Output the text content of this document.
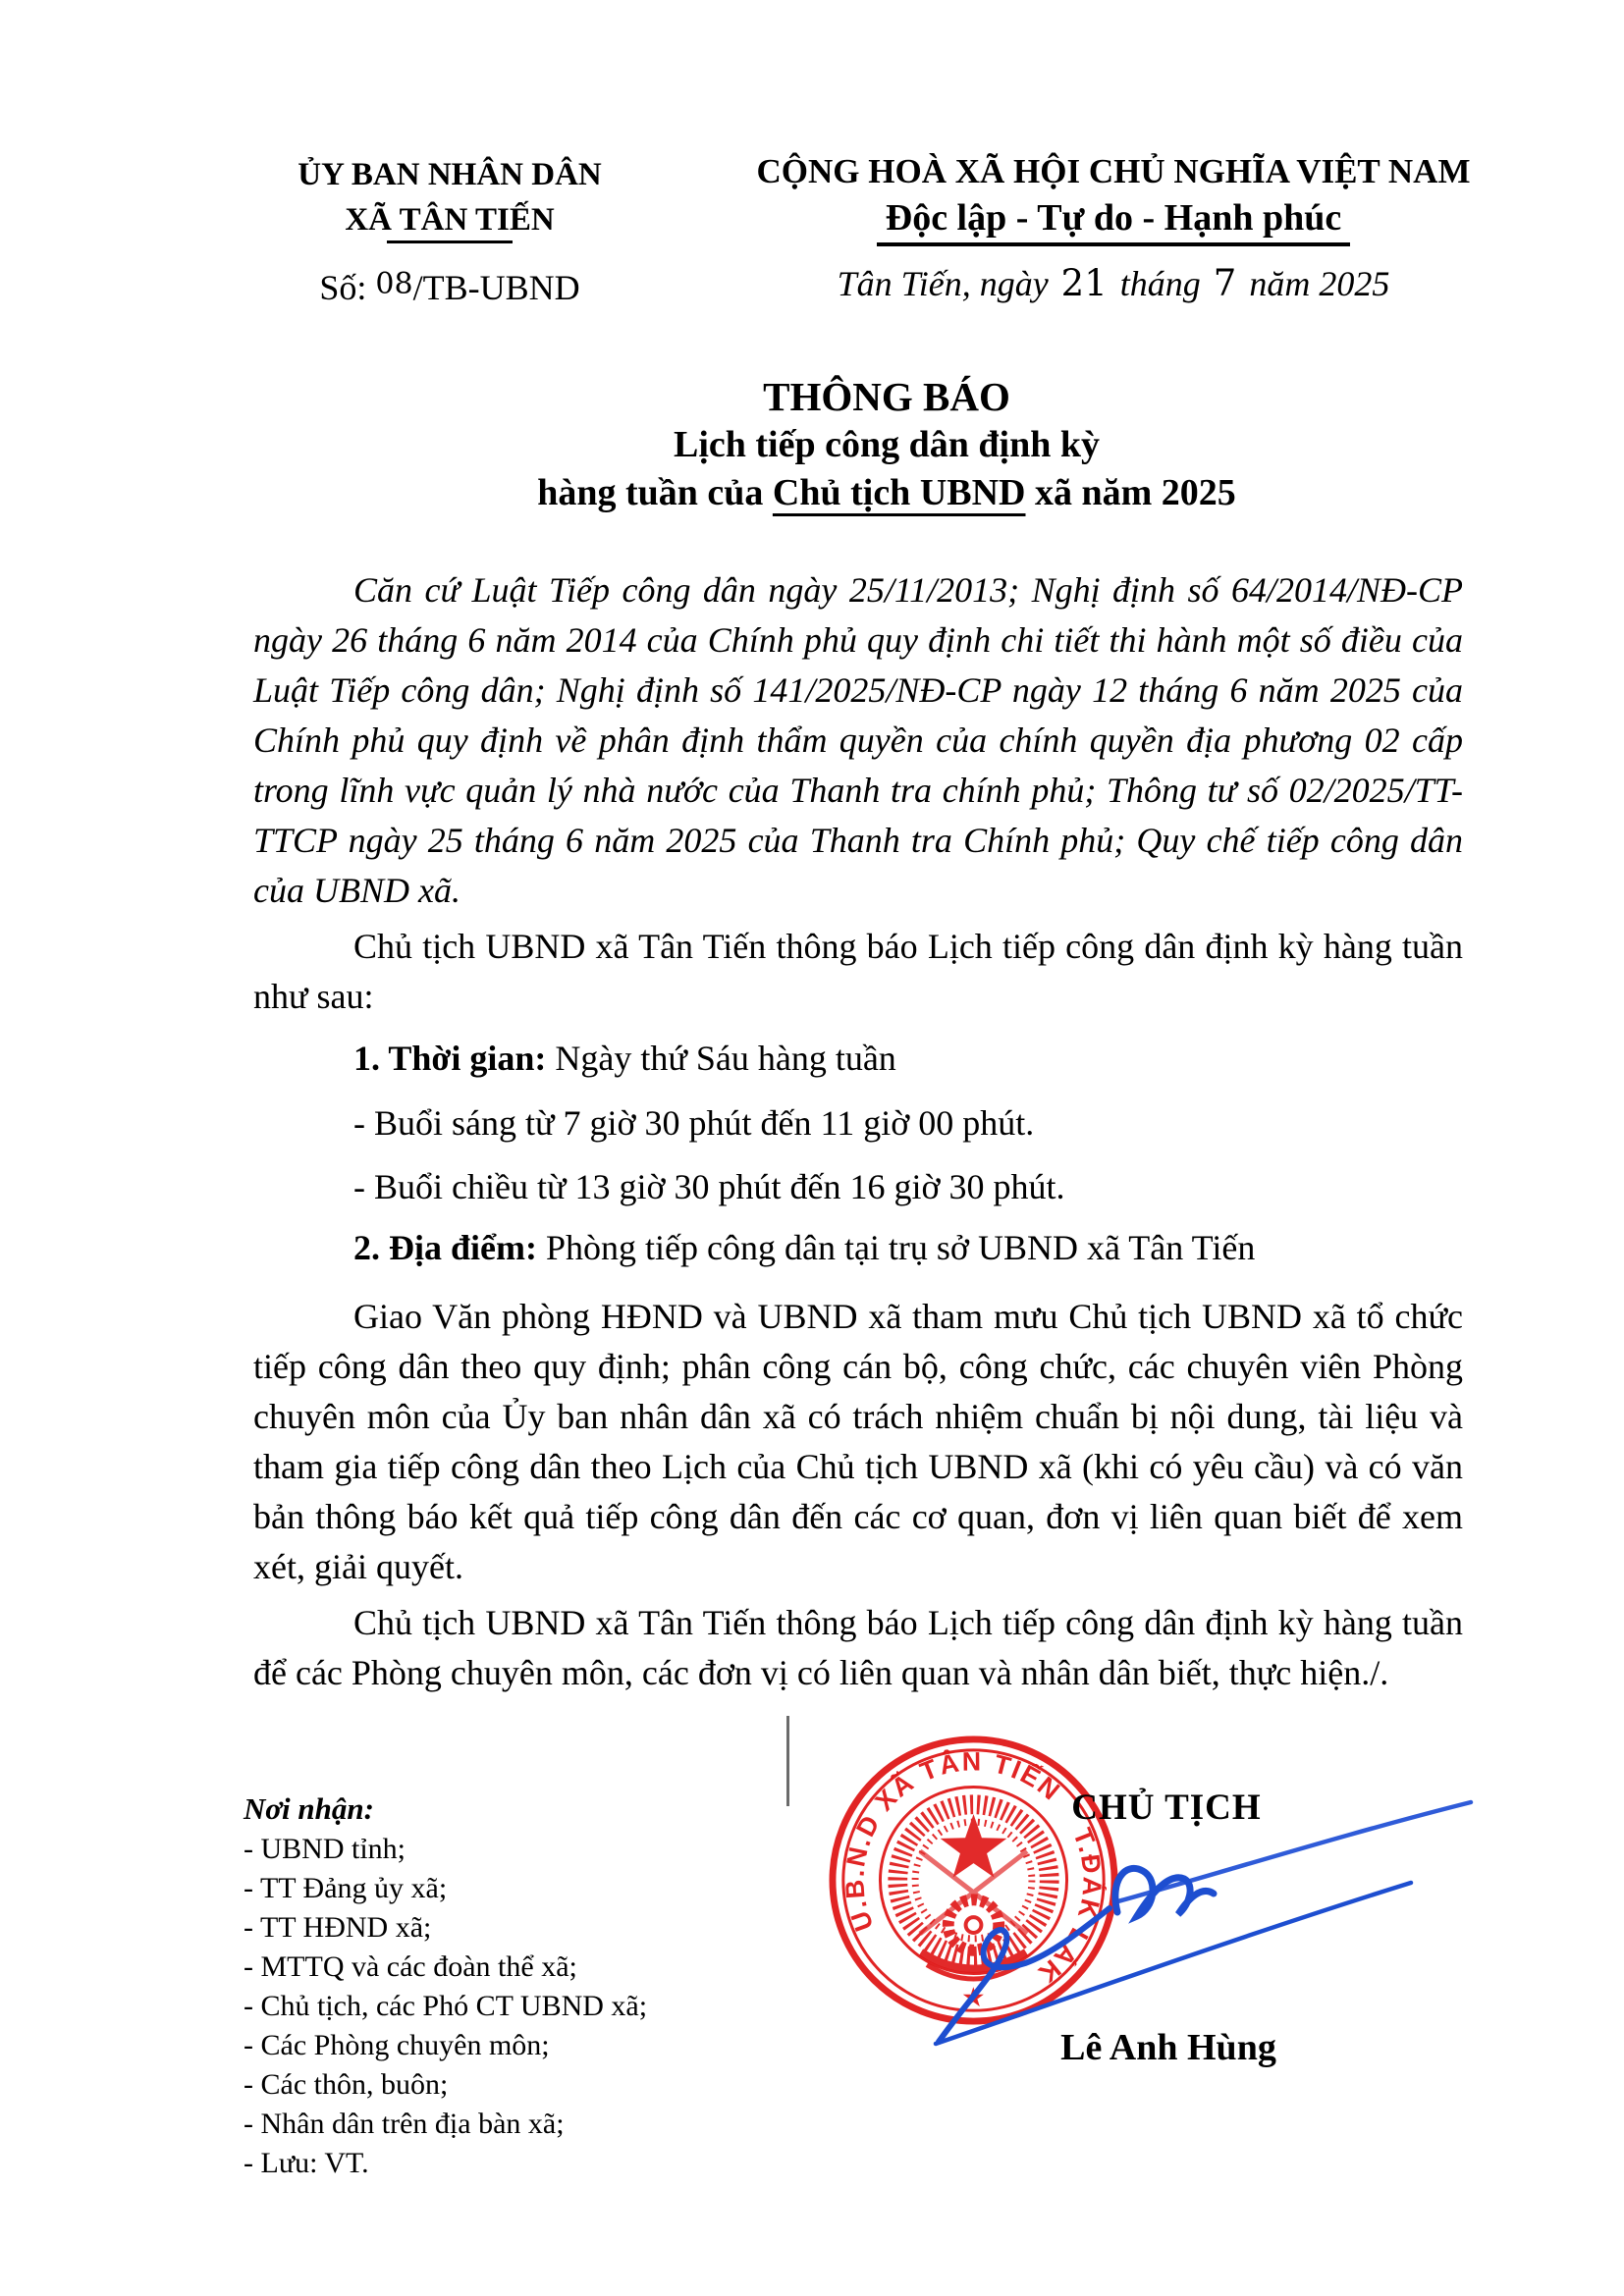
ỦY BAN NHÂN DÂN
XÃ TÂN TIẾN
Số: 08/TB-UBND
CỘNG HOÀ XÃ HỘI CHỦ NGHĨA VIỆT NAM
Độc lập - Tự do - Hạnh phúc
Tân Tiến, ngày 21 tháng 7 năm 2025
THÔNG BÁO
Lịch tiếp công dân định kỳ
hàng tuần của Chủ tịch UBND xã năm 2025
Căn cứ Luật Tiếp công dân ngày 25/11/2013; Nghị định số 64/2014/NĐ-CP ngày 26 tháng 6 năm 2014 của Chính phủ quy định chi tiết thi hành một số điều của Luật Tiếp công dân; Nghị định số 141/2025/NĐ-CP ngày 12 tháng 6 năm 2025 của Chính phủ quy định về phân định thẩm quyền của chính quyền địa phương 02 cấp trong lĩnh vực quản lý nhà nước của Thanh tra chính phủ; Thông tư số 02/2025/TT-TTCP ngày 25 tháng 6 năm 2025 của Thanh tra Chính phủ; Quy chế tiếp công dân của UBND xã.
Chủ tịch UBND xã Tân Tiến thông báo Lịch tiếp công dân định kỳ hàng tuần như sau:
1. Thời gian: Ngày thứ Sáu hàng tuần
- Buổi sáng từ 7 giờ 30 phút đến 11 giờ 00 phút.
- Buổi chiều từ 13 giờ 30 phút đến 16 giờ 30 phút.
2. Địa điểm: Phòng tiếp công dân tại trụ sở UBND xã Tân Tiến
Giao Văn phòng HĐND và UBND xã tham mưu Chủ tịch UBND xã tổ chức tiếp công dân theo quy định; phân công cán bộ, công chức, các chuyên viên Phòng chuyên môn của Ủy ban nhân dân xã có trách nhiệm chuẩn bị nội dung, tài liệu và tham gia tiếp công dân theo Lịch của Chủ tịch UBND xã (khi có yêu cầu) và có văn bản thông báo kết quả tiếp công dân đến các cơ quan, đơn vị liên quan biết để xem xét, giải quyết.
Chủ tịch UBND xã Tân Tiến thông báo Lịch tiếp công dân định kỳ hàng tuần để các Phòng chuyên môn, các đơn vị có liên quan và nhân dân biết, thực hiện./.
Nơi nhận:
- UBND tỉnh;
- TT Đảng ủy xã;
- TT HĐND xã;
- MTTQ và các đoàn thể xã;
- Chủ tịch, các Phó CT UBND xã;
- Các Phòng chuyên môn;
- Các thôn, buôn;
- Nhân dân trên địa bàn xã;
- Lưu: VT.
U.B.N.D XÃ TÂN TIẾN T.ĐẮK LẮK
★
CHỦ TỊCH
Lê Anh Hùng
